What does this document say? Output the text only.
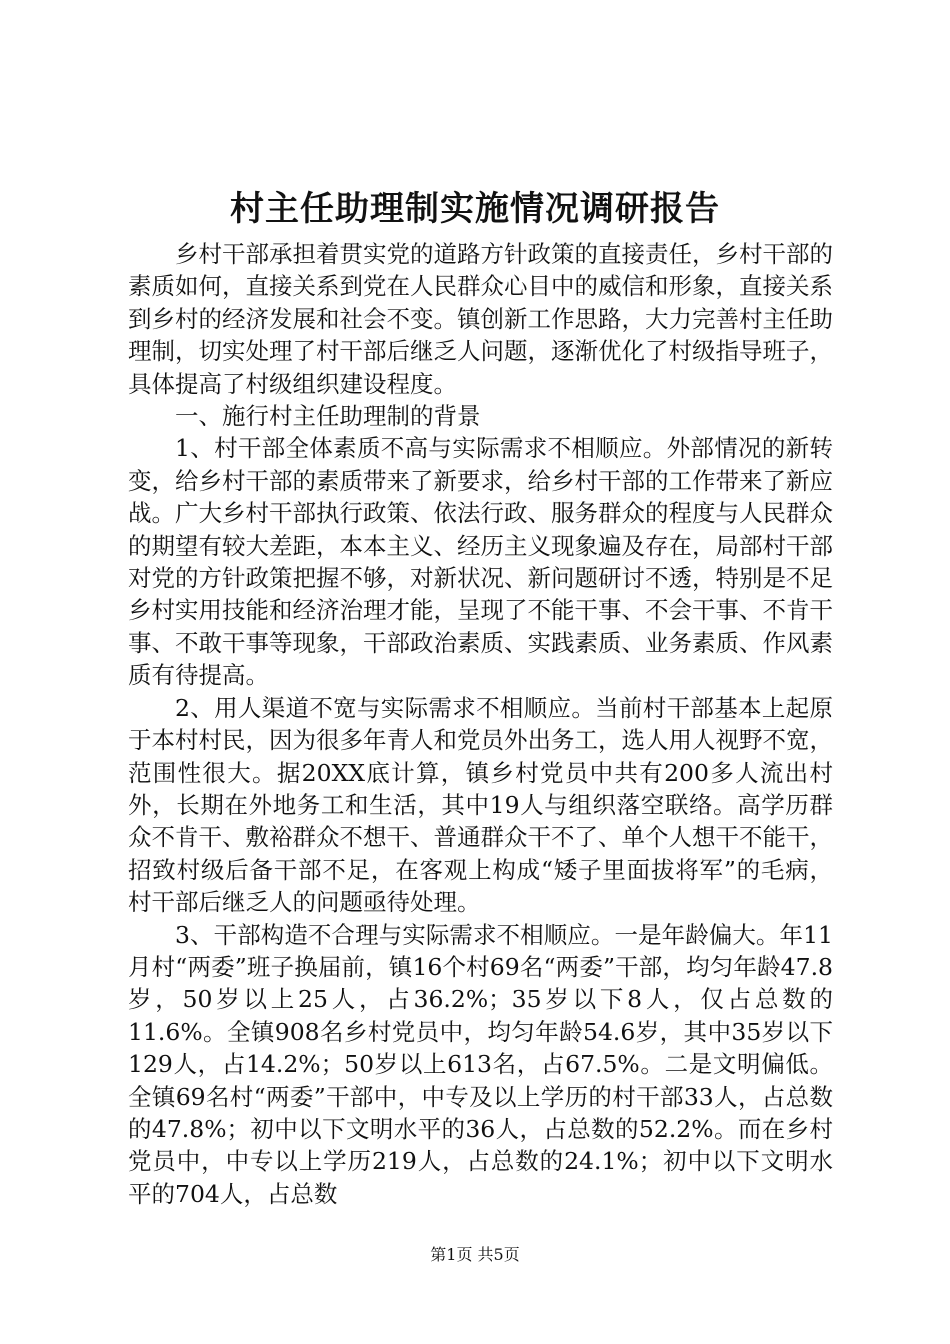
村主任助理制实施情况调研报告

乡村干部承担着贯实党的道路方针政策的直接责任，乡村干部的素质如何，直接关系到党在人民群众心目中的威信和形象，直接关系到乡村的经济发展和社会不变。镇创新工作思路，大力完善村主任助理制，切实处理了村干部后继乏人问题，逐渐优化了村级指导班子，具体提高了村级组织建设程度。

一、施行村主任助理制的背景

1、村干部全体素质不高与实际需求不相顺应。外部情况的新转变，给乡村干部的素质带来了新要求，给乡村干部的工作带来了新应战。广大乡村干部执行政策、依法行政、服务群众的程度与人民群众的期望有较大差距，本本主义、经历主义现象遍及存在，局部村干部对党的方针政策把握不够，对新状况、新问题研讨不透，特别是不足乡村实用技能和经济治理才能，呈现了不能干事、不会干事、不肯干事、不敢干事等现象，干部政治素质、实践素质、业务素质、作风素质有待提高。

2、用人渠道不宽与实际需求不相顺应。当前村干部基本上起原于本村村民，因为很多年青人和党员外出务工，选人用人视野不宽，范围性很大。据20XX底计算，镇乡村党员中共有200多人流出村外，长期在外地务工和生活，其中19人与组织落空联络。高学历群众不肯干、敷裕群众不想干、普通群众干不了、单个人想干不能干，招致村级后备干部不足，在客观上构成“矮子里面拔将军”的毛病，村干部后继乏人的问题亟待处理。

3、干部构造不合理与实际需求不相顺应。一是年龄偏大。年11月村“两委”班子换届前，镇16个村69名“两委”干部，均匀年龄47.8岁，50岁以上25人，占36.2%；35岁以下8人，仅占总数的11.6%。全镇908名乡村党员中，均匀年龄54.6岁，其中35岁以下129人，占14.2%；50岁以上613名，占67.5%。二是文明偏低。全镇69名村“两委”干部中，中专及以上学历的村干部33人，占总数的47.8%；初中以下文明水平的36人，占总数的52.2%。而在乡村党员中，中专以上学历219人，占总数的24.1%；初中以下文明水平的704人，占总数

第1页 共5页
